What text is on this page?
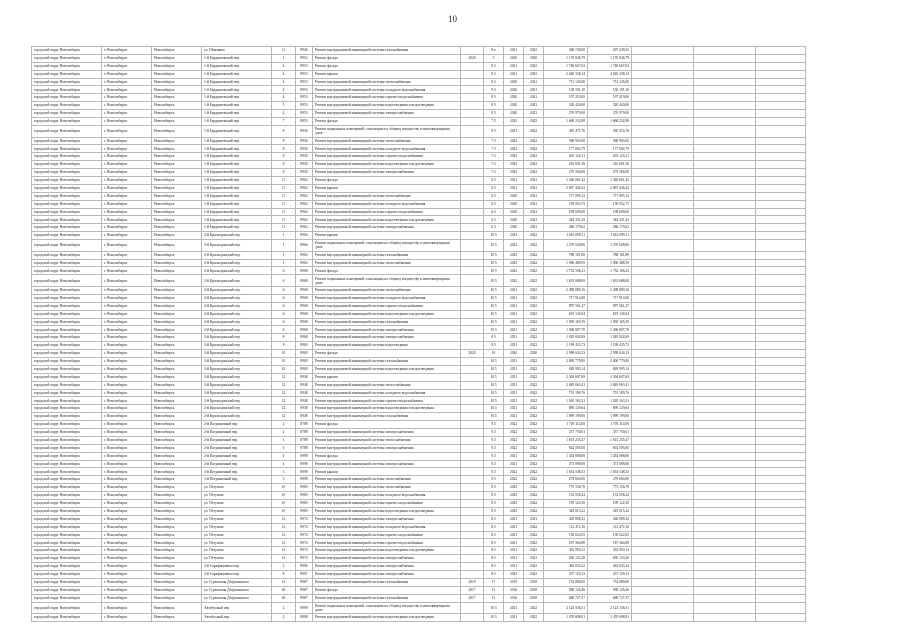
10
городской округ Новосибирск	г. Новосибирск	Новосибирск	ул. Шевченко	11	8946	Ремонт внутридомовой инженерной системы газоснабжения		8.е	2021	2022	360 749,00	207 249,52			
городской округ Новосибирск	г. Новосибирск	Новосибирск	1-й Бердышевский пер.	1	8952	Ремонт фасада	2020	5	2020	2020	1 170 846,79	1 170 846,79			
городской округ Новосибирск	г. Новосибирск	Новосибирск	1-й Бердышевский пер.	4	8953	Ремонт фасада		9.5	2021	2022	1 748 667,63	1 748 667,63			
городской округ Новосибирск	г. Новосибирск	Новосибирск	1-й Бердышевский пер.	4	8953	Ремонт крыши		9.5	2021	2023	2 620 338,14	2 620 338,14			
городской округ Новосибирск	г. Новосибирск	Новосибирск	1-й Бердышевский пер.	4	8953	Ремонт внутридомовой инженерной системы теплоснабжения		9.5	2020	2021	713 145,00	713 145,00			
городской округ Новосибирск	г. Новосибирск	Новосибирск	1-й Бердышевский пер.	4	8953	Ремонт внутридомовой инженерной системы холодного водоснабжения		9.5	2020	2021	150 191,10	150 191,10			
городской округ Новосибирск	г. Новосибирск	Новосибирск	1-й Бердышевский пер.	4	8953	Ремонт внутридомовой инженерной системы горячего водоснабжения		9.5	2020	2021	197 219,00	197 219,00			
городской округ Новосибирск	г. Новосибирск	Новосибирск	1-й Бердышевский пер.	5	8953	Ремонт внутридомовой инженерной системы водоотведения и водоотведения		9.5	2020	2021	320 420,00	320 420,00			
городской округ Новосибирск	г. Новосибирск	Новосибирск	1-й Бердышевский пер.	4	8953	Ремонт внутридомовой инженерной системы электроснабжения		9.5	2020	2021	270 979,00	270 979,00			
городской округ Новосибирск	г. Новосибирск	Новосибирск	1-й Бердышевский пер.	7	8953	Ремонт фасада		7.5	2022	2022	1 668 232,98	1 668 232,98			
городской округ Новосибирск	г. Новосибирск	Новосибирск	1-й Бердышевский пер.	8	8956	Ремонт подвальных помещений, относящихся к общему имуществу в многоквартирном доме		9.5	2021	2022	395 471,76	395 474,76			
городской округ Новосибирск	г. Новосибирск	Новосибирск	1-й Бердышевский пер.	8	8956	Ремонт внутридомовой инженерной системы теплоснабжения		7.5	2022	2022	568 903,00	568 903,00			
городской округ Новосибирск	г. Новосибирск	Новосибирск	1-й Бердышевский пер.	8	8956	Ремонт внутридомовой инженерной системы холодного водоснабжения		7.5	2022	2022	177 092,79	177 092,79			
городской округ Новосибирск	г. Новосибирск	Новосибирск	1-й Бердышевский пер.	8	8956	Ремонт внутридомовой инженерной системы горячего водоснабжения		7.5	2022	2022	202 124,21	202 124,21			
городской округ Новосибирск	г. Новосибирск	Новосибирск	1-й Бердышевский пер.	8	8956	Ремонт внутридомовой инженерной системы водоотведения и водоотведения		7.5	2022	2022	216 601,56	216 601,56			
городской округ Новосибирск	г. Новосибирск	Новосибирск	1-й Бердышевский пер.	8	8956	Ремонт внутридомовой инженерной системы электроснабжения		7.5	2022	2022	279 566,00	279 566,00			
городской округ Новосибирск	г. Новосибирск	Новосибирск	1-й Бердышевский пер.	11	8962	Ремонт фасада		6.5	2021	2021	1 346 661,42	1 346 661,42			
городской округ Новосибирск	г. Новосибирск	Новосибирск	1-й Бердышевский пер.	11	8962	Ремонт крыши		6.5	2021	2021	2 067 446,42	2 067 446,42			
городской округ Новосибирск	г. Новосибирск	Новосибирск	1-й Бердышевский пер.	11	8962	Ремонт внутридомовой инженерной системы теплоснабжения		6.5	2020	2021	717 895,12	717 895,12			
городской округ Новосибирск	г. Новосибирск	Новосибирск	1-й Бердышевский пер.	11	8962	Ремонт внутридомовой инженерной системы холодного водоснабжения		6.5	2020	2021	150 952,75	150 952,75			
городской округ Новосибирск	г. Новосибирск	Новосибирск	1-й Бердышевский пер.	11	8962	Ремонт внутридомовой инженерной системы горячего водоснабжения		6.5	2020	2021	198 609,00	198 609,00			
городской округ Новосибирск	г. Новосибирск	Новосибирск	1-й Бердышевский пер.	11	8962	Ремонт внутридомовой инженерной системы водоотведения и водоотведения		6.5	2020	2021	344 331,43	344 331,43			
городской округ Новосибирск	г. Новосибирск	Новосибирск	1-й Бердышевский пер.	11	8962	Ремонт внутридомовой инженерной системы электроснабжения		6.5	2020	2021	286 179,62	286 179,62			
городской округ Новосибирск	г. Новосибирск	Новосибирск	2-й Краснодонский пер.	1	8964	Ремонт крыши		10.5	2022	2022	1 616 099,11	1 616 099,11			
городской округ Новосибирск	г. Новосибирск	Новосибирск	2-й Краснодонский пер.	1	8964	Ремонт подвальных помещений, относящихся к общему имуществу в многоквартирном доме		10.5	2022	2022	1 270 628,06	1 270 628,06			
городской округ Новосибирск	г. Новосибирск	Новосибирск	2-й Краснодонский пер.	1	8964	Ремонт внутридомовой инженерной системы газоснабжения		10.5	2022	2022	788 181,88	788 181,88			
городской округ Новосибирск	г. Новосибирск	Новосибирск	2-й Краснодонский пер.	1	8964	Ремонт внутридомовой инженерной системы теплоснабжения		10.5	2022	2022	1 906 488,59	1 906 488,59			
городской округ Новосибирск	г. Новосибирск	Новосибирск	2-й Краснодонский пер.	6	8968	Ремонт фасада		10.5	2022	2022	1 752 106,23	1 752 106,23			
городской округ Новосибирск	г. Новосибирск	Новосибирск	2-й Краснодонский пер.	6	8968	Ремонт подвальных помещений, относящихся к общему имуществу в многоквартирном доме		10.5	2022	2022	1 633 688,69	1 633 688,69			
городской округ Новосибирск	г. Новосибирск	Новосибирск	2-й Краснодонский пер.	6	8968	Ремонт внутридомовой инженерной системы теплоснабжения		10.5	2021	2022	2 498 889,16	2 498 889,16			
городской округ Новосибирск	г. Новосибирск	Новосибирск	2-й Краснодонский пер.	6	8968	Ремонт внутридомовой инженерной системы холодного водоснабжения		10.5	2021	2022	717 914,08	717 914,08			
городской округ Новосибирск	г. Новосибирск	Новосибирск	2-й Краснодонский пер.	6	8968	Ремонт внутридомовой инженерной системы горячего водоснабжения		10.5	2021	2022	997 561,27	997 561,27			
городской округ Новосибирск	г. Новосибирск	Новосибирск	2-й Краснодонский пер.	6	8968	Ремонт внутридомовой инженерной системы водоотведения и водоотведения		10.5	2021	2022	619 136,94	619 136,94			
городской округ Новосибирск	г. Новосибирск	Новосибирск	2-й Краснодонский пер.	6	8968	Ремонт внутридомовой инженерной системы газоснабжения		10.5	2021	2022	1 050 165,59	1 050 165,59			
городской округ Новосибирск	г. Новосибирск	Новосибирск	2-й Краснодонский пер.	6	8968	Ремонт внутридомовой инженерной системы электроснабжения		10.5	2021	2022	1 306 807,70	1 306 807,70			
городской округ Новосибирск	г. Новосибирск	Новосибирск	2-й Краснодонский пер.	8	8968	Ремонт внутридомовой инженерной системы электроснабжения		9.5	2021	2022	1 029 002,69	1 029 002,69			
городской округ Новосибирск	г. Новосибирск	Новосибирск	2-й Краснодонский пер.	8	8969	Ремонт внутридомовой инженерной системы водоотведения		9.5	2021	2022	1 199 435,73	1 199 435,73			
городской округ Новосибирск	г. Новосибирск	Новосибирск	2-й Краснодонский пер.	10	8969	Ремонт фасада	2020	10	2020	2020	2 998 634,13	2 998 634,13			
городской округ Новосибирск	г. Новосибирск	Новосибирск	2-й Краснодонский пер.	10	8969	Ремонт внутридомовой инженерной системы газоснабжения		10.5	2021	2022	2 000 770,00	2 000 770,00			
городской округ Новосибирск	г. Новосибирск	Новосибирск	2-й Краснодонский пер.	10	8969	Ремонт внутридомовой инженерной системы водоотведения и водоотведения		10.5	2021	2022	828 995,14	828 995,14			
городской округ Новосибирск	г. Новосибирск	Новосибирск	2-й Краснодонский пер.	12	8948	Ремонт крыши		10.5	2021	2022	2 304 607,69	2 304 607,69			
городской округ Новосибирск	г. Новосибирск	Новосибирск	2-й Краснодонский пер.	12	8948	Ремонт внутридомовой инженерной системы теплоснабжения		10.5	2021	2022	2 849 063,41	2 849 063,41			
городской округ Новосибирск	г. Новосибирск	Новосибирск	2-й Краснодонский пер.	12	8948	Ремонт внутридомовой инженерной системы холодного водоснабжения		10.5	2021	2022	753 189,76	753 189,76			
городской округ Новосибирск	г. Новосибирск	Новосибирск	2-й Краснодонский пер.	12	8948	Ремонт внутридомовой инженерной системы горячего водоснабжения		10.5	2021	2022	1 020 163,31	1 020 163,31			
городской округ Новосибирск	г. Новосибирск	Новосибирск	2-й Краснодонский пер.	12	8948	Ремонт внутридомовой инженерной системы водоотведения и водоотведения		10.5	2021	2022	890 129,64	890 129,64			
городской округ Новосибирск	г. Новосибирск	Новосибирск	2-й Краснодонский пер.	12	8948	Ремонт внутридомовой инженерной системы газоснабжения		10.5	2021	2022	1 899 199,00	1 899 199,00			
городской округ Новосибирск	г. Новосибирск	Новосибирск	2-й Пограничный пер.	2	8788	Ремонт фасада		9.5	2022	2022	1 705 114,00	1 705 114,00			
городской округ Новосибирск	г. Новосибирск	Новосибирск	2-й Пограничный пер.	2	8788	Ремонт внутридомовой инженерной системы электроснабжения		9.5	2022	2022	357 750,01	357 750,01			
городской округ Новосибирск	г. Новосибирск	Новосибирск	2-й Пограничный пер.	3	8788	Ремонт внутридомовой инженерной системы теплоснабжения		9.5	2022	2022	1 615 235,47	1 615 235,47			
городской округ Новосибирск	г. Новосибирск	Новосибирск	2-й Пограничный пер.	3	8788	Ремонт внутридомовой инженерной системы электроснабжения		9.5	2022	2022	602 595,00	602 595,00			
городской округ Новосибирск	г. Новосибирск	Новосибирск	2-й Пограничный пер.	4	8998	Ремонт фасада		9.5	2021	2022	1 454 088,00	1 454 088,00			
городской округ Новосибирск	г. Новосибирск	Новосибирск	2-й Пограничный пер.	4	8998	Ремонт внутридомовой инженерной системы электроснабжения		9.5	2021	2022	373 088,00	373 088,00			
городской округ Новосибирск	г. Новосибирск	Новосибирск	3-й Пограничный пер.	3	8998	Ремонт крыши		9.5	2022	2022	1 654 548,33	1 654 548,33			
городской округ Новосибирск	г. Новосибирск	Новосибирск	3-й Пограничный пер.	3	8998	Ремонт внутридомовой инженерной системы теплоснабжения		9.5	2022	2022	279 604,00	279 604,00			
городской округ Новосибирск	г. Новосибирск	Новосибирск	ул. Петухова	10	8969	Ремонт внутридомовой инженерной системы теплоснабжения		9.5	2022	2022	775 156,78	775 156,78			
городской округ Новосибирск	г. Новосибирск	Новосибирск	ул. Петухова	10	8969	Ремонт внутридомовой инженерной системы холодного водоснабжения		9.5	2022	2022	152 558,24	152 558,24			
городской округ Новосибирск	г. Новосибирск	Новосибирск	ул. Петухова	10	8969	Ремонт внутридомовой инженерной системы горячего водоснабжения		9.5	2022	2022	199 122,38	199 122,38			
городской округ Новосибирск	г. Новосибирск	Новосибирск	ул. Петухова	10	8969	Ремонт внутридомовой инженерной системы водоотведения и водоотведения		9.5	2022	2022	345 615,22	345 615,22			
городской округ Новосибирск	г. Новосибирск	Новосибирск	ул. Петухова	12	8974	Ремонт внутридомовой инженерной системы электроснабжения		8.5	2021	2021	430 808,32	430 808,32			
городской округ Новосибирск	г. Новосибирск	Новосибирск	ул. Петухова	12	8974	Ремонт внутридомовой инженерной системы холодного водоснабжения		8.5	2021	2022	112 472,16	112 472,16			
городской округ Новосибирск	г. Новосибирск	Новосибирск	ул. Петухова	12	8974	Ремонт внутридомовой инженерной системы горячего водоснабжения		8.5	2021	2022	150 022,05	150 022,05			
городской округ Новосибирск	г. Новосибирск	Новосибирск	ул. Петухова	12	8974	Ремонт внутридомовой инженерной системы горячего водоснабжения		8.5	2021	2022	187 364,88	187 364,88			
городской округ Новосибирск	г. Новосибирск	Новосибирск	ул. Петухова	12	8974	Ремонт внутридомовой инженерной системы водоотведения и водоотведения		8.5	2021	2022	302 950,12	302 950,12			
городской округ Новосибирск	г. Новосибирск	Новосибирск	ул. Петухова	12	8974	Ремонт внутридомовой инженерной системы электроснабжения		8.5	2021	2021	650 123,28	650 123,28			
городской округ Новосибирск	г. Новосибирск	Новосибирск	3-й Серафимовича пер.	2	8996	Ремонт внутридомовой инженерной системы электроснабжения		8.5	2021	2022	463 033,22	463 033,22			
городской округ Новосибирск	г. Новосибирск	Новосибирск	3-й Серафимовича пер.	8	8997	Ремонт внутридомовой инженерной системы электроснабжения		8.5	2022	2022	257 129,13	257 129,13			
городской округ Новосибирск	г. Новосибирск	Новосибирск	ул. Гурьевская Дзержинского	12	8987	Ремонт внутридомовой инженерной системы газоснабжения	2019	17	2019	2019	734 080,00	734 080,00			
городской округ Новосибирск	г. Новосибирск	Новосибирск	ул. Гурьевская Дзержинского	26	8987	Ремонт фасада	2017	13	2016	2018	998 126,46	998 126,46			
городской округ Новосибирск	г. Новосибирск	Новосибирск	ул. Гурьевская Дзержинского	26	8987	Ремонт внутридомовой инженерной системы газоснабжения	2017	13	2016	2018	668 727,37	668 727,37			
городской округ Новосибирск	г. Новосибирск	Новосибирск	Автобусный пер.	2	8998	Ремонт подвальных помещений, относящихся к общему имуществу в многоквартирном доме		10.5	2021	2022	2 123 336,51	2 123 336,51			
городской округ Новосибирск	г. Новосибирск	Новосибирск	Автобусный пер.	2	8998	Ремонт внутридомовой инженерной системы водоотведения и водоотведения		10.5	2021	2022	1 470 698,91	1 470 698,91			
